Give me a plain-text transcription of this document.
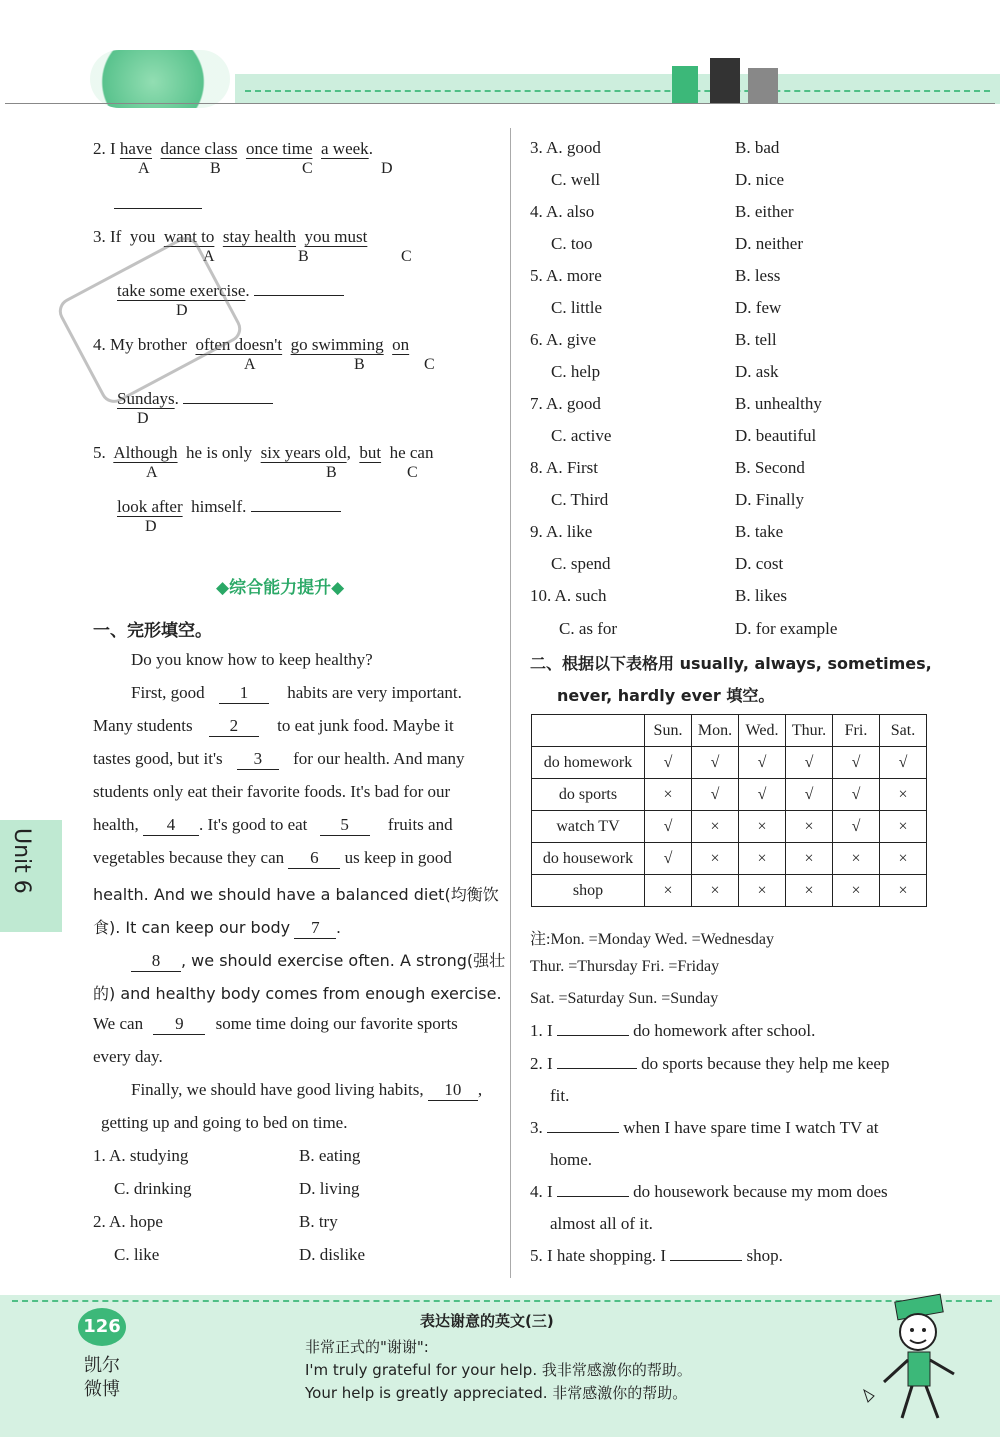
2. I have dance class once time a week.
A	B	C	D
3. If you want to stay health you must
A	B	C
take some exercise.
D
4. My brother often doesn't go swimming on
A	B	C
Sundays.
D
5. Although he is only six years old, but he can
A	B	C
look after himself.
D
◆综合能力提升◆
一、完形填空。
Do you know how to keep healthy?
First, good 1 habits are very important.
Many students 2 to eat junk food. Maybe it
tastes good, but it's 3 for our health. And many
students only eat their favorite foods. It's bad for our
health, 4 . It's good to eat 5 fruits and
vegetables because they can 6 us keep in good
health. And we should have a balanced diet(均衡饮
食). It can keep our body 7 .
8 , we should exercise often. A strong(强壮
的) and healthy body comes from enough exercise.
We can 9 some time doing our favorite sports
every day.
Finally, we should have good living habits, 10 ,
getting up and going to bed on time.
1. A. studying	B. eating
C. drinking	D. living
2. A. hope	B. try
C. like	D. dislike
3. A. good	B. bad
C. well	D. nice
4. A. also	B. either
C. too	D. neither
5. A. more	B. less
C. little	D. few
6. A. give	B. tell
C. help	D. ask
7. A. good	B. unhealthy
C. active	D. beautiful
8. A. First	B. Second
C. Third	D. Finally
9. A. like	B. take
C. spend	D. cost
10. A. such	B. likes
C. as for	D. for example
二、根据以下表格用 usually, always, sometimes,
never, hardly ever 填空。
	Sun.	Mon.	Wed.	Thur.	Fri.	Sat.
do homework	√	√	√	√	√	√
do sports	×	√	√	√	√	×
watch TV	√	×	×	×	√	×
do housework	√	×	×	×	×	×
shop	×	×	×	×	×	×
注:Mon. =Monday Wed. =Wednesday
Thur. =Thursday Fri. =Friday
Sat. =Saturday Sun. =Sunday
1. I	do homework after school.
2. I	do sports because they help me keep
fit.
3.	when I have spare time I watch TV at
home.
4. I	do housework because my mom does
almost all of it.
5. I hate shopping. I	shop.
Unit 6
126
凯尔
微博
表达谢意的英文(三)
非常正式的"谢谢":
I'm truly grateful for your help. 我非常感激你的帮助。
Your help is greatly appreciated. 非常感激你的帮助。
